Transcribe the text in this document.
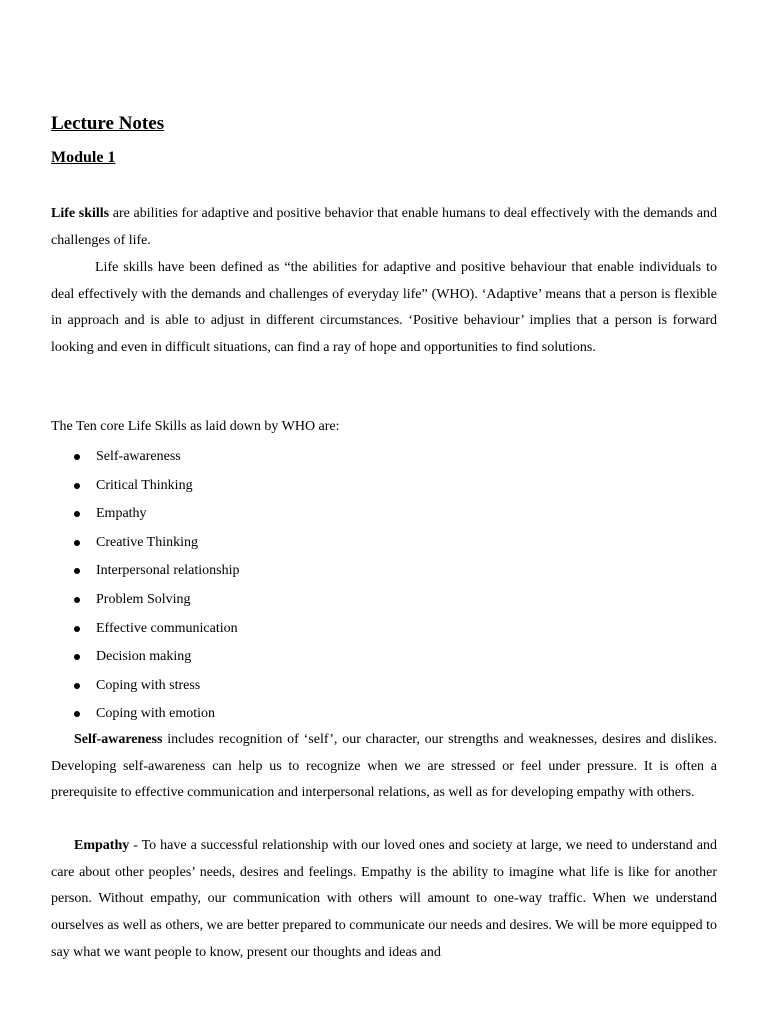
Lecture Notes
Module 1

Life skills are abilities for adaptive and positive behavior that enable humans to deal effectively with the demands and challenges of life.

Life skills have been defined as “the abilities for adaptive and positive behaviour that enable individuals to deal effectively with the demands and challenges of everyday life” (WHO). ‘Adaptive’ means that a person is flexible in approach and is able to adjust in different circumstances. ‘Positive behaviour’ implies that a person is forward looking and even in difficult situations, can find a ray of hope and opportunities to find solutions.

The Ten core Life Skills as laid down by WHO are:

Self-awareness
Critical Thinking
Empathy
Creative Thinking
Interpersonal relationship
Problem Solving
Effective communication
Decision making
Coping with stress
Coping with emotion

Self-awareness includes recognition of ‘self’, our character, our strengths and weaknesses, desires and dislikes. Developing self-awareness can help us to recognize when we are stressed or feel under pressure. It is often a prerequisite to effective communication and interpersonal relations, as well as for developing empathy with others.

Empathy - To have a successful relationship with our loved ones and society at large, we need to understand and care about other peoples’ needs, desires and feelings. Empathy is the ability to imagine what life is like for another person. Without empathy, our communication with others will amount to one-way traffic. When we understand ourselves as well as others, we are better prepared to communicate our needs and desires. We will be more equipped to say what we want people to know, present our thoughts and ideas and
